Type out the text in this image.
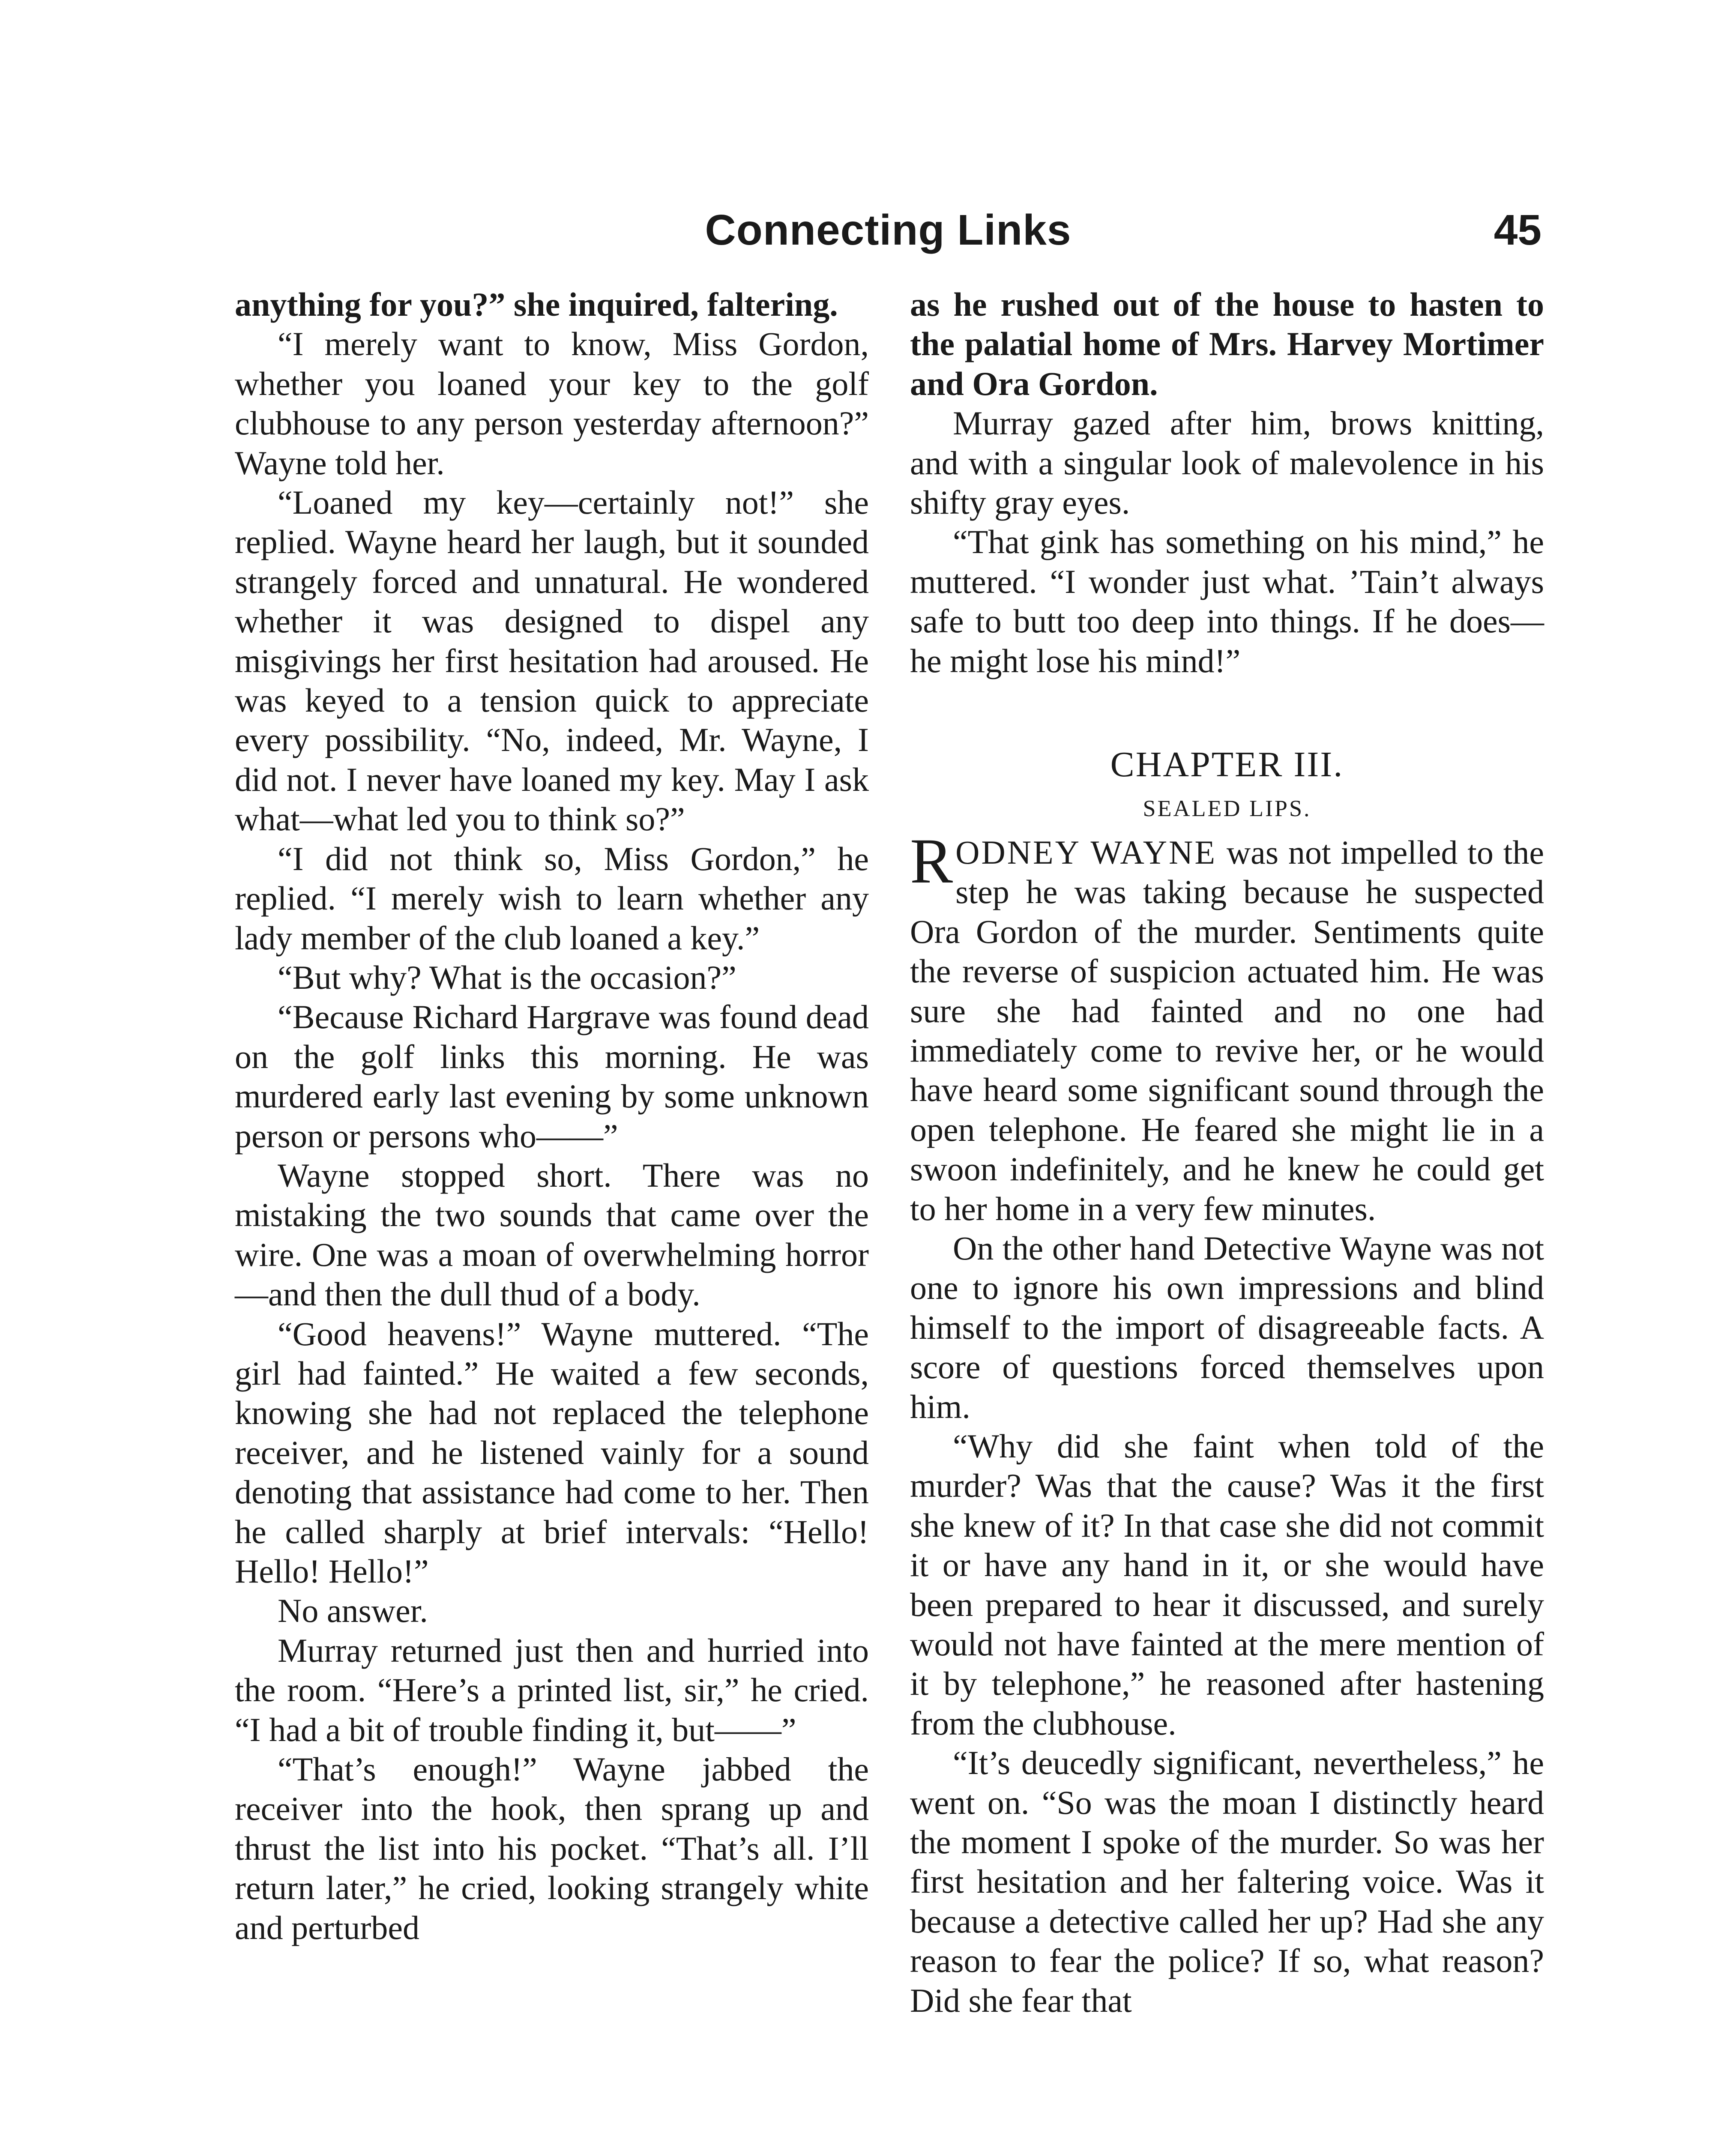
Connecting Links	45

anything for you?” she inquired, faltering.

“I merely want to know, Miss Gordon, whether you loaned your key to the golf clubhouse to any person yesterday afternoon?” Wayne told her.

“Loaned my key—certainly not!” she replied. Wayne heard her laugh, but it sounded strangely forced and unnatural. He wondered whether it was designed to dispel any misgivings her first hesitation had aroused. He was keyed to a tension quick to appreciate every possibility. “No, indeed, Mr. Wayne, I did not. I never have loaned my key. May I ask what—what led you to think so?”

“I did not think so, Miss Gordon,” he replied. “I merely wish to learn whether any lady member of the club loaned a key.”

“But why? What is the occasion?”

“Because Richard Hargrave was found dead on the golf links this morning. He was murdered early last evening by some unknown person or persons who——”

Wayne stopped short. There was no mistaking the two sounds that came over the wire. One was a moan of overwhelming horror—and then the dull thud of a body.

“Good heavens!” Wayne muttered. “The girl had fainted.” He waited a few seconds, knowing she had not replaced the telephone receiver, and he listened vainly for a sound denoting that assistance had come to her. Then he called sharply at brief intervals: “Hello! Hello! Hello!”

No answer.

Murray returned just then and hurried into the room. “Here’s a printed list, sir,” he cried. “I had a bit of trouble finding it, but——”

“That’s enough!” Wayne jabbed the receiver into the hook, then sprang up and thrust the list into his pocket. “That’s all. I’ll return later,” he cried, looking strangely white and perturbed

as he rushed out of the house to hasten to the palatial home of Mrs. Harvey Mortimer and Ora Gordon.

Murray gazed after him, brows knitting, and with a singular look of malevolence in his shifty gray eyes.

“That gink has something on his mind,” he muttered. “I wonder just what. ’Tain’t always safe to butt too deep into things. If he does—he might lose his mind!”

CHAPTER III.

SEALED LIPS.

RODNEY WAYNE was not impelled to the step he was taking because he suspected Ora Gordon of the murder. Sentiments quite the reverse of suspicion actuated him. He was sure she had fainted and no one had immediately come to revive her, or he would have heard some significant sound through the open telephone. He feared she might lie in a swoon indefinitely, and he knew he could get to her home in a very few minutes.

On the other hand Detective Wayne was not one to ignore his own impressions and blind himself to the import of disagreeable facts. A score of questions forced themselves upon him.

“Why did she faint when told of the murder? Was that the cause? Was it the first she knew of it? In that case she did not commit it or have any hand in it, or she would have been prepared to hear it discussed, and surely would not have fainted at the mere mention of it by telephone,” he reasoned after hastening from the clubhouse.

“It’s deucedly significant, nevertheless,” he went on. “So was the moan I distinctly heard the moment I spoke of the murder. So was her first hesitation and her faltering voice. Was it because a detective called her up? Had she any reason to fear the police? If so, what reason? Did she fear that
